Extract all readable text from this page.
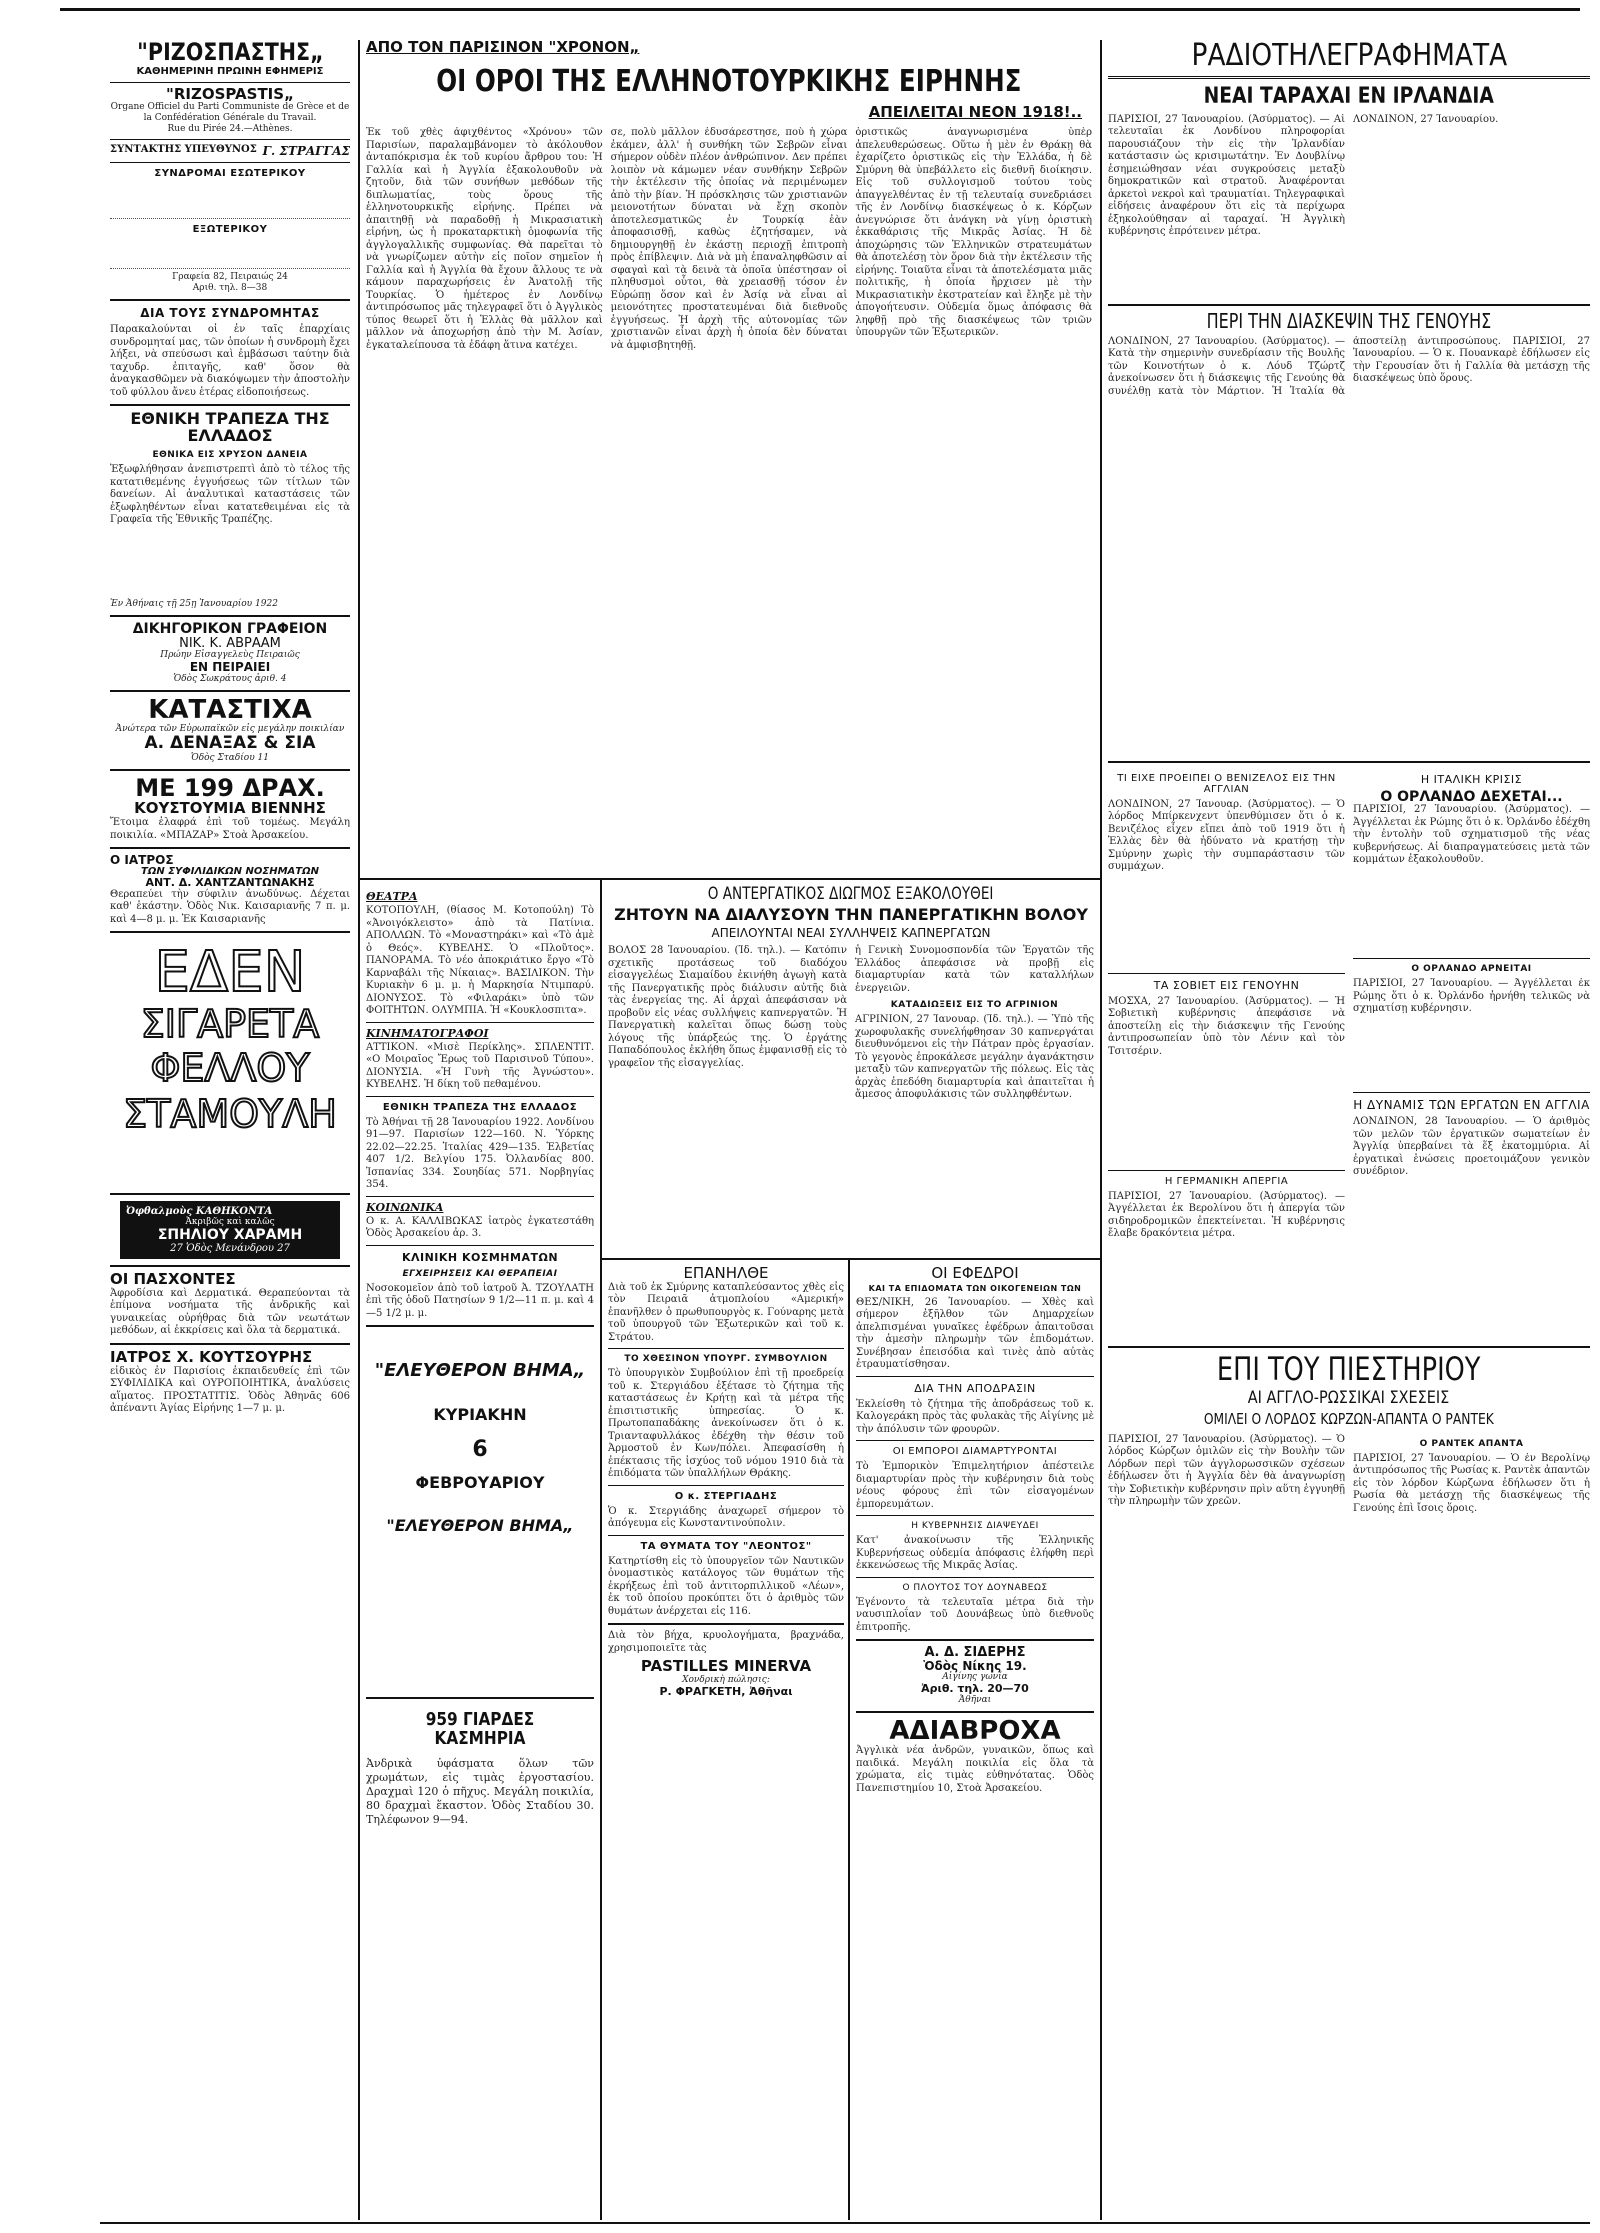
"ΡΙΖΟΣΠΑΣΤΗΣ„
ΚΑΘΗΜΕΡΙΝΗ ΠΡΩΙΝΗ ΕΦΗΜΕΡΙΣ
"RIZOSPASTIS„
Organe Officiel du Parti Communiste de Grèce et de la Confédération Générale du Travail.
Rue du Pirée 24.—Athènes.
ΣΥΝΤΑΚΤΗΣ ΥΠΕΥΘΥΝΟΣ Γ. ΣΤΡΑΓΓΑΣ
ΣΥΝΔΡΟΜΑΙ ΕΣΩΤΕΡΙΚΟΥ
ΕΞΩΤΕΡΙΚΟΥ
Γραφεία 82, Πειραιώς 24
Αριθ. τηλ. 8—38
ΔΙΑ ΤΟΥΣ ΣΥΝΔΡΟΜΗΤΑΣ
Παρακαλούνται οἱ ἐν ταῖς ἐπαρχίαις συνδρομηταί μας, τῶν ὁποίων ἡ συνδρομὴ ἔχει λήξει, νὰ σπεύσωσι καὶ ἐμβάσωσι ταύτην διὰ ταχυδρ. ἐπιταγῆς, καθ' ὅσον θὰ ἀναγκασθῶμεν νὰ διακόψωμεν τὴν ἀποστολὴν τοῦ φύλλου ἄνευ ἑτέρας εἰδοποιήσεως.
ΕΘΝΙΚΗ ΤΡΑΠΕΖΑ ΤΗΣ ΕΛΛΑΔΟΣ
ΕΘΝΙΚΑ ΕΙΣ ΧΡΥΣΟΝ ΔΑΝΕΙΑ
Ἐξωφλήθησαν ἀνεπιστρεπτὶ ἀπὸ τὸ τέλος τῆς κατατιθεμένης ἐγγυήσεως τῶν τίτλων τῶν δανείων. Αἱ ἀναλυτικαὶ καταστάσεις τῶν ἐξωφληθέντων εἶναι κατατεθειμέναι εἰς τὰ Γραφεῖα τῆς Ἐθνικῆς Τραπέζης.
Ἐν Ἀθήναις τῇ 25ῃ Ἰανουαρίου 1922
ΔΙΚΗΓΟΡΙΚΟΝ ΓΡΑΦΕΙΟΝ
ΝΙΚ. Κ. ΑΒΡΑΑΜ
Πρώην Εἰσαγγελεὺς Πειραιῶς
ΕΝ ΠΕΙΡΑΙΕΙ
Ὁδὸς Σωκράτους ἀριθ. 4
ΚΑΤΑΣΤΙΧΑ
Ἀνώτερα τῶν Εὐρωπαϊκῶν εἰς μεγάλην ποικιλίαν
Α. ΔΕΝΑΞΑΣ & ΣΙΑ
Ὁδὸς Σταδίου 11
ΜΕ 199 ΔΡΑΧ.
ΚΟΥΣΤΟΥΜΙΑ ΒΙΕΝΝΗΣ
Ἔτοιμα ἐλαφρά ἐπὶ τοῦ τομέως. Μεγάλη ποικιλία. «ΜΠΑΖΑΡ» Στοὰ Ἀρσακείου.
Ο ΙΑΤΡΟΣ
ΤΩΝ ΣΥΦΙΛΙΔΙΚΩΝ ΝΟΣΗΜΑΤΩΝ
ΑΝΤ. Δ. ΧΑΝΤΖΑΝΤΩΝΑΚΗΣ
Θεραπεύει τὴν σύφιλιν ἀνωδύνως. Δέχεται καθ' ἑκάστην. Ὁδὸς Νικ. Καισαριανῆς 7 π. μ. καὶ 4—8 μ. μ. Ἐκ Καισαριανῆς
ΕΔΕΝ
ΣΙΓΑΡΕΤΑ
ΦΕΛΛΟΥ
ΣΤΑΜΟΥΛΗ
Ὀφθαλμοὺς ΚΑΘΗΚΟΝΤΑ
Ἀκριβῶς καὶ καλῶς
ΣΠΗΛΙΟΥ ΧΑΡΑΜΗ
27 Ὁδὸς Μενάνδρου 27
ΟΙ ΠΑΣΧΟΝΤΕΣ
Ἀφροδίσια καὶ Δερματικά. Θεραπεύονται τὰ ἐπίμονα νοσήματα τῆς ἀνδρικῆς καὶ γυναικείας οὐρήθρας διὰ τῶν νεωτάτων μεθόδων, αἱ ἐκκρίσεις καὶ ὅλα τὰ δερματικά.
ΙΑΤΡΟΣ Χ. ΚΟΥΤΣΟΥΡΗΣ
εἰδικὸς ἐν Παρισίοις ἐκπαιδευθείς ἐπὶ τῶν ΣΥΦΙΛΙΔΙΚΑ καὶ ΟΥΡΟΠΟΙΗΤΙΚΑ, ἀναλύσεις αἵματος. ΠΡΟΣΤΑΤΙΤΙΣ. Ὁδὸς Ἀθηνᾶς 606 ἀπέναντι Ἁγίας Εἰρήνης 1—7 μ. μ.
ΑΠΟ ΤΟΝ ΠΑΡΙΣΙΝΟΝ "ΧΡΟΝΟΝ„
ΟΙ ΟΡΟΙ ΤΗΣ ΕΛΛΗΝΟΤΟΥΡΚΙΚΗΣ ΕΙΡΗΝΗΣ
ΑΠΕΙΛΕΙΤΑΙ ΝΕΟΝ 1918!..
Ἐκ τοῦ χθὲς ἀφιχθέντος «Χρόνου» τῶν Παρισίων, παραλαμβάνομεν τὸ ἀκόλουθον ἀνταπόκρισμα ἐκ τοῦ κυρίου ἄρθρου του: Ἡ Γαλλία καὶ ἡ Ἀγγλία ἐξακολουθοῦν νὰ ζητοῦν, διὰ τῶν συνήθων μεθόδων τῆς διπλωματίας, τοὺς ὅρους τῆς ἑλληνοτουρκικῆς εἰρήνης. Πρέπει νὰ ἀπαιτηθῇ νὰ παραδοθῇ ἡ Μικρασιατικὴ εἰρήνη, ὡς ἡ προκαταρκτικὴ ὁμοφωνία τῆς ἀγγλογαλλικῆς συμφωνίας. Θὰ παρεῖται τὸ νὰ γνωρίζωμεν αὐτὴν εἰς ποῖον σημεῖον ἡ Γαλλία καὶ ἡ Ἀγγλία θὰ ἔχουν ἄλλους τε νὰ κάμουν παραχωρήσεις ἐν Ἀνατολῇ τῆς Τουρκίας. Ὁ ἡμέτερος ἐν Λονδίνῳ ἀντιπρόσωπος μᾶς τηλεγραφεῖ ὅτι ὁ Ἀγγλικὸς τύπος θεωρεῖ ὅτι ἡ Ἑλλὰς θὰ μᾶλλον καὶ μᾶλλον νὰ ἀποχωρήσῃ ἀπὸ τὴν Μ. Ἀσίαν, ἐγκαταλείπουσα τὰ ἐδάφη ἅτινα κατέχει.
σε, πολὺ μᾶλλον ἐδυσάρεστησε, ποὺ ἡ χώρα ἐκάμεν, ἀλλ' ἡ συνθήκη τῶν Σεβρῶν εἶναι σήμερον οὐδὲν πλέον ἀνθρώπινον. Δεν πρέπει λοιπὸν νὰ κάμωμεν νέαν συνθήκην Σεβρῶν τὴν ἐκτέλεσιν τῆς ὁποίας νὰ περιμένωμεν ἀπὸ τὴν βίαν. Ἡ πρόσκλησις τῶν χριστιανῶν μειονοτήτων δύναται νὰ ἔχῃ σκοπὸν ἀποτελεσματικῶς ἐν Τουρκίᾳ ἐὰν ἀποφασισθῇ, καθὼς ἐζητήσαμεν, νὰ δημιουργηθῇ ἐν ἑκάστῃ περιοχῇ ἐπιτροπὴ πρὸς ἐπίβλεψιν. Διὰ νὰ μὴ ἐπαναληφθῶσιν αἱ σφαγαὶ καὶ τὰ δεινὰ τὰ ὁποῖα ὑπέστησαν οἱ πληθυσμοὶ οὗτοι, θὰ χρειασθῇ τόσον ἐν Εὐρώπῃ ὅσον καὶ ἐν Ἀσίᾳ νὰ εἶναι αἱ μειονότητες προστατευμέναι διὰ διεθνοῦς ἐγγυήσεως. Ἡ ἀρχὴ τῆς αὐτονομίας τῶν χριστιανῶν εἶναι ἀρχὴ ἡ ὁποία δὲν δύναται νὰ ἀμφισβητηθῇ.
ὁριστικῶς ἀναγνωρισμένα ὑπὲρ ἀπελευθερώσεως. Οὕτω ἡ μὲν ἐν Θράκῃ θὰ ἐχαρίζετο ὁριστικῶς εἰς τὴν Ἑλλάδα, ἡ δὲ Σμύρνη θὰ ὑπεβάλλετο εἰς διεθνῆ διοίκησιν. Εἰς τοῦ συλλογισμοῦ τούτου τοὺς ἀπαγγελθέντας ἐν τῇ τελευταίᾳ συνεδριάσει τῆς ἐν Λονδίνῳ διασκέψεως ὁ κ. Κόρζων ἀνεγνώρισε ὅτι ἀνάγκη νὰ γίνῃ ὁριστικὴ ἐκκαθάρισις τῆς Μικρᾶς Ἀσίας. Ἡ δὲ ἀποχώρησις τῶν Ἑλληνικῶν στρατευμάτων θὰ ἀποτελέσῃ τὸν ὅρον διὰ τὴν ἐκτέλεσιν τῆς εἰρήνης. Τοιαῦτα εἶναι τὰ ἀποτελέσματα μιᾶς πολιτικῆς, ἡ ὁποία ἤρχισεν μὲ τὴν Μικρασιατικὴν ἐκστρατείαν καὶ ἔληξε μὲ τὴν ἀπογοήτευσιν. Οὐδεμία ὅμως ἀπόφασις θὰ ληφθῇ πρὸ τῆς διασκέψεως τῶν τριῶν ὑπουργῶν τῶν Ἐξωτερικῶν.
ΘΕΑΤΡΑ
ΚΟΤΟΠΟΥΛΗ, (θίασος Μ. Κοτοπούλη) Τὸ «Ἀνοιγόκλειστο» ἀπὸ τὰ Πατίνια. ΑΠΟΛΛΩΝ. Τὸ «Μοναστηράκι» καὶ «Τὸ ἀμὲ ὁ Θεός». ΚΥΒΕΛΗΣ. Ὁ «Πλοῦτος». ΠΑΝΟΡΑΜΑ. Τὸ νέο ἀποκριάτικο ἔργο «Τὸ Καρναβάλι τῆς Νίκαιας». ΒΑΣΙΛΙΚΟΝ. Τὴν Κυριακὴν 6 μ. μ. ἡ Μαρκησία Ντιμπαρύ. ΔΙΟΝΥΣΟΣ. Τὸ «Φιλαράκι» ὑπὸ τῶν ΦΟΙΤΗΤΩΝ. ΟΛΥΜΠΙΑ. Ἡ «Κουκλοσπιτα».
ΚΙΝΗΜΑΤΟΓΡΑΦΟΙ
ΑΤΤΙΚΟΝ. «Μισὲ Περίκλης». ΣΠΛΕΝΤΙΤ. «Ο Μοιραῖος Ἔρως τοῦ Παρισινοῦ Τύπου». ΔΙΟΝΥΣΙΑ. «Ἡ Γυνὴ τῆς Ἀγνώστου». ΚΥΒΕΛΗΣ. Ἡ δίκη τοῦ πεθαμένου.
ΕΘΝΙΚΗ ΤΡΑΠΕΖΑ ΤΗΣ ΕΛΛΑΔΟΣ
Τὸ Ἀθήναι τῇ 28 Ἰανουαρίου 1922. Λονδίνου 91—97. Παρισίων 122—160. Ν. Ὑόρκης 22.02—22.25. Ἰταλίας 429—135. Ἑλβετίας 407 1/2. Βελγίου 175. Ὀλλανδίας 800. Ἰσπανίας 334. Σουηδίας 571. Νορβηγίας 354.
ΚΟΙΝΩΝΙΚΑ
Ο κ. Α. ΚΑΛΛΙΒΩΚΑΣ ἰατρὸς ἐγκατεστάθη Ὁδὸς Ἀρσακείου ἀρ. 3.
ΚΛΙΝΙΚΗ ΚΟΣΜΗΜΑΤΩΝ
ΕΓΧΕΙΡΗΣΕΙΣ ΚΑΙ ΘΕΡΑΠΕΙΑΙ
Νοσοκομεῖον ἀπὸ τοῦ ἰατροῦ Ἀ. ΤΖΟΥΛΑΤΗ ἐπὶ τῆς ὁδοῦ Πατησίων 9 1/2—11 π. μ. καὶ 4—5 1/2 μ. μ.
"ΕΛΕΥΘΕΡΟΝ ΒΗΜΑ„
ΚΥΡΙΑΚΗΝ
6
ΦΕΒΡΟΥΑΡΙΟΥ
"ΕΛΕΥΘΕΡΟΝ ΒΗΜΑ„
959 ΓΙΑΡΔΕΣ ΚΑΣΜΗΡΙΑ
Ἀνδρικὰ ὑφάσματα ὅλων τῶν χρωμάτων, εἰς τιμὰς ἐργοστασίου. Δραχμαὶ 120 ὁ πῆχυς. Μεγάλη ποικιλία, 80 δραχμαὶ ἕκαστον. Ὁδὸς Σταδίου 30. Τηλέφωνον 9—94.
Ο ΑΝΤΕΡΓΑΤΙΚΟΣ ΔΙΩΓΜΟΣ ΕΞΑΚΟΛΟΥΘΕΙ
ΖΗΤΟΥΝ ΝΑ ΔΙΑΛΥΣΟΥΝ ΤΗΝ ΠΑΝΕΡΓΑΤΙΚΗΝ ΒΟΛΟΥ
ΑΠΕΙΛΟΥΝΤΑΙ ΝΕΑΙ ΣΥΛΛΗΨΕΙΣ ΚΑΠΝΕΡΓΑΤΩΝ
ΒΟΛΟΣ 28 Ἰανουαρίου. (Ἰδ. τηλ.). — Κατόπιν σχετικῆς προτάσεως τοῦ διαδόχου εἰσαγγελέως Σιαμαίδου ἐκινήθη ἀγωγὴ κατὰ τῆς Πανεργατικῆς πρὸς διάλυσιν αὐτῆς διὰ τὰς ἐνεργείας της. Αἱ ἀρχαὶ ἀπεφάσισαν νὰ προβοῦν εἰς νέας συλλήψεις καπνεργατῶν. Ἡ Πανεργατικὴ καλεῖται ὅπως δώσῃ τοὺς λόγους τῆς ὑπάρξεώς της. Ὁ ἐργάτης Παπαδόπουλος ἐκλήθη ὅπως ἐμφανισθῇ εἰς τὸ γραφεῖον τῆς εἰσαγγελίας.
ἡ Γενικὴ Συνομοσπονδία τῶν Ἐργατῶν τῆς Ἑλλάδος ἀπεφάσισε νὰ προβῇ εἰς διαμαρτυρίαν κατὰ τῶν καταλλήλων ἐνεργειῶν.
ΚΑΤΑΔΙΩΞΕΙΣ ΕΙΣ ΤΟ ΑΓΡΙΝΙΟΝ
ΑΓΡΙΝΙΟΝ, 27 Ἰανουαρ. (Ἰδ. τηλ.). — Ὑπὸ τῆς χωροφυλακῆς συνελήφθησαν 30 καπνεργάται διευθυνόμενοι εἰς τὴν Πάτραν πρὸς ἐργασίαν. Τὸ γεγονὸς ἐπροκάλεσε μεγάλην ἀγανάκτησιν μεταξὺ τῶν καπνεργατῶν τῆς πόλεως. Εἰς τὰς ἀρχὰς ἐπεδόθη διαμαρτυρία καὶ ἀπαιτεῖται ἡ ἄμεσος ἀποφυλάκισις τῶν συλληφθέντων.
ΕΠΑΝΗΛΘΕ
Διὰ τοῦ ἐκ Σμύρνης καταπλεύσαντος χθὲς εἰς τὸν Πειραιᾶ ἀτμοπλοίου «Αμερική» ἐπανῆλθεν ὁ πρωθυπουργὸς κ. Γούναρης μετὰ τοῦ ὑπουργοῦ τῶν Ἐξωτερικῶν καὶ τοῦ κ. Στράτου.
ΤΟ ΧΘΕΣΙΝΟΝ ΥΠΟΥΡΓ. ΣΥΜΒΟΥΛΙΟΝ
Τὸ ὑπουργικὸν Συμβούλιον ἐπὶ τῇ προεδρείᾳ τοῦ κ. Στεργιάδου ἐξέτασε τὸ ζήτημα τῆς καταστάσεως ἐν Κρήτῃ καὶ τὰ μέτρα τῆς ἐπισιτιστικῆς ὑπηρεσίας. Ὁ κ. Πρωτοπαπαδάκης ἀνεκοίνωσεν ὅτι ὁ κ. Τριανταφυλλάκος ἐδέχθη τὴν θέσιν τοῦ Ἀρμοστοῦ ἐν Κων/πόλει. Ἀπεφασίσθη ἡ ἐπέκτασις τῆς ἰσχύος τοῦ νόμου 1910 διὰ τὰ ἐπιδόματα τῶν ὑπαλλήλων Θράκης.
Ο κ. ΣΤΕΡΓΙΑΔΗΣ
Ὁ κ. Στεργιάδης ἀναχωρεῖ σήμερον τὸ ἀπόγευμα εἰς Κωνσταντινούπολιν.
ΤΑ ΘΥΜΑΤΑ ΤΟΥ "ΛΕΟΝΤΟΣ"
Κατηρτίσθη εἰς τὸ ὑπουργεῖον τῶν Ναυτικῶν ὀνομαστικὸς κατάλογος τῶν θυμάτων τῆς ἐκρήξεως ἐπὶ τοῦ ἀντιτορπιλλικοῦ «Λέων», ἐκ τοῦ ὁποίου προκύπτει ὅτι ὁ ἀριθμὸς τῶν θυμάτων ἀνέρχεται εἰς 116.
Διὰ τὸν βήχα, κρυολογήματα, βραχνάδα, χρησιμοποιεῖτε τὰς
PASTILLES MINERVA
Χονδρικὴ πώλησις:
Ρ. ΦΡΑΓΚΕΤΗ, Ἀθῆναι
ΟΙ ΕΦΕΔΡΟΙ
ΚΑΙ ΤΑ ΕΠΙΔΟΜΑΤΑ ΤΩΝ ΟΙΚΟΓΕΝΕΙΩΝ ΤΩΝ
ΘΕΣ/ΝΙΚΗ, 26 Ἰανουαρίου. — Χθὲς καὶ σήμερον ἐξῆλθον τῶν Δημαρχείων ἀπελπισμέναι γυναῖκες ἐφέδρων ἀπαιτοῦσαι τὴν ἀμεσὴν πληρωμὴν τῶν ἐπιδομάτων. Συνέβησαν ἐπεισόδια καὶ τινὲς ἀπὸ αὐτὰς ἐτραυματίσθησαν.
ΔΙΑ ΤΗΝ ΑΠΟΔΡΑΣΙΝ
Ἐκλείσθη τὸ ζήτημα τῆς ἀποδράσεως τοῦ κ. Καλογεράκη πρὸς τὰς φυλακὰς τῆς Αἰγίνης μὲ τὴν ἀπόλυσιν τῶν φρουρῶν.
ΟΙ ΕΜΠΟΡΟΙ ΔΙΑΜΑΡΤΥΡΟΝΤΑΙ
Τὸ Ἐμπορικὸν Ἐπιμελητήριον ἀπέστειλε διαμαρτυρίαν πρὸς τὴν κυβέρνησιν διὰ τοὺς νέους φόρους ἐπὶ τῶν εἰσαγομένων ἐμπορευμάτων.
Η ΚΥΒΕΡΝΗΣΙΣ ΔΙΑΨΕΥΔΕΙ
Κατ' ἀνακοίνωσιν τῆς Ἑλληνικῆς Κυβερνήσεως οὐδεμία ἀπόφασις ἐλήφθη περὶ ἐκκενώσεως τῆς Μικρᾶς Ἀσίας.
Ο ΠΛΟΥΤΟΣ ΤΟΥ ΔΟΥΝΑΒΕΩΣ
Ἐγένοντο τὰ τελευταῖα μέτρα διὰ τὴν ναυσιπλοΐαν τοῦ Δουνάβεως ὑπὸ διεθνοῦς ἐπιτροπῆς.
Α. Δ. ΣΙΔΕΡΗΣ
Ὁδὸς Νίκης 19.
Αἰγίνης γωνία
Ἀριθ. τηλ. 20—70
Ἀθῆναι
ΑΔΙΑΒΡΟΧΑ
Ἀγγλικὰ νέα ἀνδρῶν, γυναικῶν, ὅπως καὶ παιδικά. Μεγάλη ποικιλία εἰς ὅλα τὰ χρώματα, εἰς τιμὰς εὐθηνότατας. Ὁδὸς Πανεπιστημίου 10, Στοὰ Ἀρσακείου.
ΡΑΔΙΟΤΗΛΕΓΡΑΦΗΜΑΤΑ
ΝΕΑΙ ΤΑΡΑΧΑΙ ΕΝ ΙΡΛΑΝΔΙΑ
ΠΑΡΙΣΙΟΙ, 27 Ἰανουαρίου. (Ἀσύρματος). — Αἱ τελευταῖαι ἐκ Λονδίνου πληροφορίαι παρουσιάζουν τὴν εἰς τὴν Ἰρλανδίαν κατάστασιν ὡς κρισιμωτάτην. Ἐν Δουβλίνῳ ἐσημειώθησαν νέαι συγκρούσεις μεταξὺ δημοκρατικῶν καὶ στρατοῦ. Ἀναφέρονται ἀρκετοὶ νεκροὶ καὶ τραυματίαι. Τηλεγραφικαὶ εἰδήσεις ἀναφέρουν ὅτι εἰς τὰ περίχωρα ἐξηκολούθησαν αἱ ταραχαί. Ἡ Ἀγγλικὴ κυβέρνησις ἐπρότεινεν μέτρα.
ΛΟΝΔΙΝΟΝ, 27 Ἰανουαρίου.
ΠΕΡΙ ΤΗΝ ΔΙΑΣΚΕΨΙΝ ΤΗΣ ΓΕΝΟΥΗΣ
ΛΟΝΔΙΝΟΝ, 27 Ἰανουαρίου. (Ἀσύρματος). — Κατὰ τὴν σημερινὴν συνεδρίασιν τῆς Βουλῆς τῶν Κοινοτήτων ὁ κ. Λόυδ Τζώρτζ ἀνεκοίνωσεν ὅτι ἡ διάσκεψις τῆς Γενούης θὰ συνέλθῃ κατὰ τὸν Μάρτιον. Ἡ Ἰταλία θὰ ἀποστείλῃ ἀντιπροσώπους. ΠΑΡΙΣΙΟΙ, 27 Ἰανουαρίου. — Ὁ κ. Πουανκαρὲ ἐδήλωσεν εἰς τὴν Γερουσίαν ὅτι ἡ Γαλλία θὰ μετάσχῃ τῆς διασκέψεως ὑπὸ ὅρους.
ΤΙ ΕΙΧΕ ΠΡΟΕΙΠΕΙ Ο ΒΕΝΙΖΕΛΟΣ ΕΙΣ ΤΗΝ ΑΓΓΛΙΑΝ
ΛΟΝΔΙΝΟΝ, 27 Ἰανουαρ. (Ἀσύρματος). — Ὁ λόρδος Μπίρκενχεντ ὑπενθύμισεν ὅτι ὁ κ. Βενιζέλος εἶχεν εἴπει ἀπὸ τοῦ 1919 ὅτι ἡ Ἑλλὰς δὲν θὰ ἠδύνατο νὰ κρατήσῃ τὴν Σμύρνην χωρὶς τὴν συμπαράστασιν τῶν συμμάχων.
ΤΑ ΣΟΒΙΕΤ ΕΙΣ ΓΕΝΟΥΗΝ
ΜΟΣΧΑ, 27 Ἰανουαρίου. (Ἀσύρματος). — Ἡ Σοβιετικὴ κυβέρνησις ἀπεφάσισε νὰ ἀποστείλῃ εἰς τὴν διάσκεψιν τῆς Γενούης ἀντιπροσωπείαν ὑπὸ τὸν Λένιν καὶ τὸν Τσιτσέριν.
Η ΓΕΡΜΑΝΙΚΗ ΑΠΕΡΓΙΑ
ΠΑΡΙΣΙΟΙ, 27 Ἰανουαρίου. (Ἀσύρματος). — Ἀγγέλλεται ἐκ Βερολίνου ὅτι ἡ ἀπεργία τῶν σιδηροδρομικῶν ἐπεκτείνεται. Ἡ κυβέρνησις ἔλαβε δρακόντεια μέτρα.
Η ΙΤΑΛΙΚΗ ΚΡΙΣΙΣ
Ο ΟΡΛΑΝΔΟ ΔΕΧΕΤΑΙ...
ΠΑΡΙΣΙΟΙ, 27 Ἰανουαρίου. (Ἀσύρματος). — Ἀγγέλλεται ἐκ Ρώμης ὅτι ὁ κ. Ὀρλάνδο ἐδέχθη τὴν ἐντολὴν τοῦ σχηματισμοῦ τῆς νέας κυβερνήσεως. Αἱ διαπραγματεύσεις μετὰ τῶν κομμάτων ἐξακολουθοῦν.
Ο ΟΡΛΑΝΔΟ ΑΡΝΕΙΤΑΙ
ΠΑΡΙΣΙΟΙ, 27 Ἰανουαρίου. — Ἀγγέλλεται ἐκ Ρώμης ὅτι ὁ κ. Ὀρλάνδο ἠρνήθη τελικῶς νὰ σχηματίσῃ κυβέρνησιν.
Η ΔΥΝΑΜΙΣ ΤΩΝ ΕΡΓΑΤΩΝ ΕΝ ΑΓΓΛΙΑ
ΛΟΝΔΙΝΟΝ, 28 Ἰανουαρίου. — Ὁ ἀριθμὸς τῶν μελῶν τῶν ἐργατικῶν σωματείων ἐν Ἀγγλίᾳ ὑπερβαίνει τὰ ἕξ ἑκατομμύρια. Αἱ ἐργατικαὶ ἑνώσεις προετοιμάζουν γενικὸν συνέδριον.
ΕΠΙ ΤΟΥ ΠΙΕΣΤΗΡΙΟΥ
ΑΙ ΑΓΓΛΟ-ΡΩΣΣΙΚΑΙ ΣΧΕΣΕΙΣ
ΟΜΙΛΕΙ Ο ΛΟΡΔΟΣ ΚΩΡΖΩΝ-ΑΠΑΝΤΑ Ο ΡΑΝΤΕΚ
ΠΑΡΙΣΙΟΙ, 27 Ἰανουαρίου. (Ἀσύρματος). — Ὁ λόρδος Κώρζων ὁμιλῶν εἰς τὴν Βουλὴν τῶν Λόρδων περὶ τῶν ἀγγλορωσσικῶν σχέσεων ἐδήλωσεν ὅτι ἡ Ἀγγλία δὲν θὰ ἀναγνωρίσῃ τὴν Σοβιετικὴν κυβέρνησιν πρὶν αὕτη ἐγγυηθῇ τὴν πληρωμὴν τῶν χρεῶν.
Ο ΡΑΝΤΕΚ ΑΠΑΝΤΑ
ΠΑΡΙΣΙΟΙ, 27 Ἰανουαρίου. — Ὁ ἐν Βερολίνῳ ἀντιπρόσωπος τῆς Ρωσίας κ. Ραντὲκ ἀπαντῶν εἰς τὸν λόρδον Κώρζωνα ἐδήλωσεν ὅτι ἡ Ρωσία θὰ μετάσχῃ τῆς διασκέψεως τῆς Γενούης ἐπὶ ἴσοις ὅροις.
